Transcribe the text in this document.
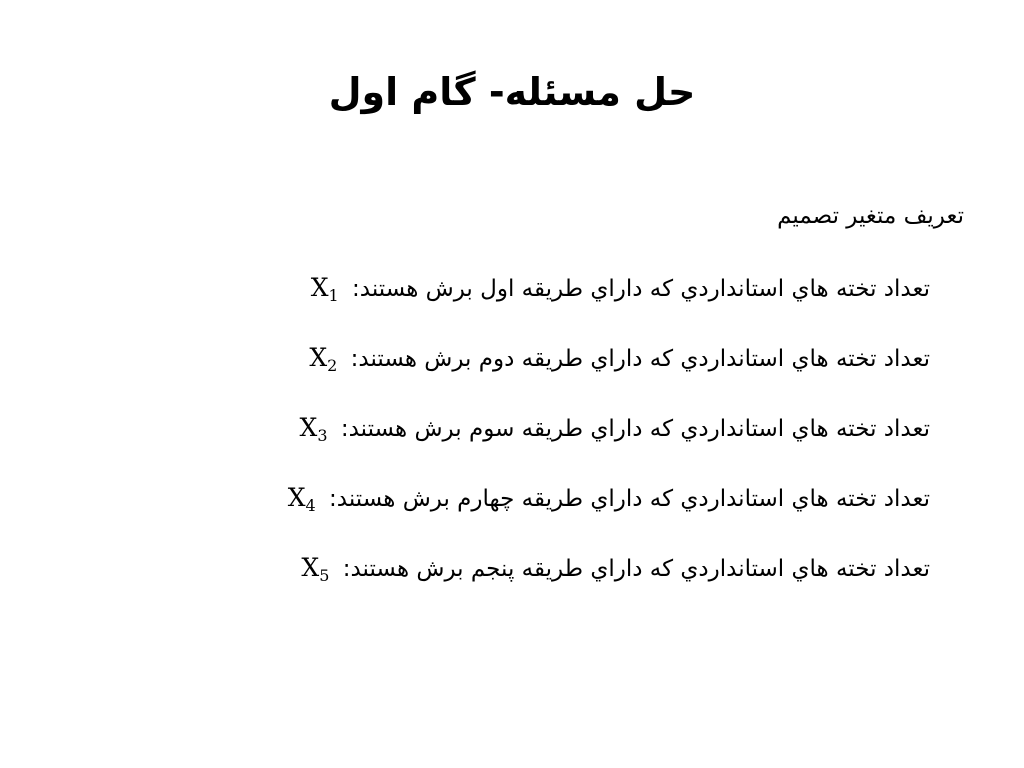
حل مسئله- گام اول
تعريف متغير تصميم
تعداد تخته هاي استانداردي كه داراي طريقه اول برش هستند: $X_1$
تعداد تخته هاي استانداردي كه داراي طريقه دوم برش هستند: $X_2$
تعداد تخته هاي استانداردي كه داراي طريقه سوم برش هستند: $X_3$
تعداد تخته هاي استانداردي كه داراي طريقه چهارم برش هستند: $X_4$
تعداد تخته هاي استانداردي كه داراي طريقه پنجم برش هستند: $X_5$
